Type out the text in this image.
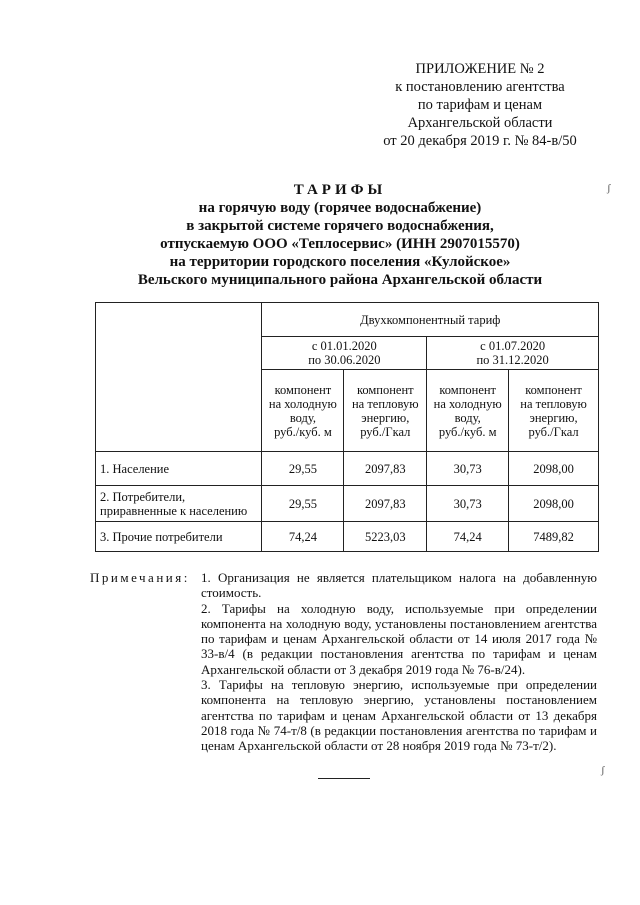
ПРИЛОЖЕНИЕ № 2
к постановлению агентства
по тарифам и ценам
Архангельской области
от 20 декабря 2019 г. № 84-в/50
ТАРИФЫ
на горячую воду (горячее водоснабжение)
в закрытой системе горячего водоснабжения,
отпускаемую ООО «Теплосервис» (ИНН 2907015570)
на территории городского поселения «Кулойское»
Вельского муниципального района Архангельской области
	Двухкомпонентный тариф			
	с 01.01.2020
по 30.06.2020		с 01.07.2020
по 31.12.2020	
	компонент
на холодную
воду,
руб./куб. м	компонент
на тепловую
энергию,
руб./Гкал	компонент
на холодную
воду,
руб./куб. м	компонент
на тепловую
энергию,
руб./Гкал
1. Население	29,55	2097,83	30,73	2098,00
2. Потребители,
приравненные к населению	29,55	2097,83	30,73	2098,00
3. Прочие потребители	74,24	5223,03	74,24	7489,82
Примечания: 1. Организация не является плательщиком налога на добавленную стоимость.

2. Тарифы на холодную воду, используемые при определении компонента на холодную воду, установлены постановлением агентства по тарифам и ценам Архангельской области от 14 июля 2017 года № 33-в/4 (в редакции постановления агентства по тарифам и ценам Архангельской области от 3 декабря 2019 года № 76-в/24).

3. Тарифы на тепловую энергию, используемые при определении компонента на тепловую энергию, установлены постановлением агентства по тарифам и ценам Архангельской области от 13 декабря 2018 года № 74-т/8 (в редакции постановления агентства по тарифам и ценам Архангельской области от 28 ноября 2019 года № 73-т/2).

ʃ
ʃ
